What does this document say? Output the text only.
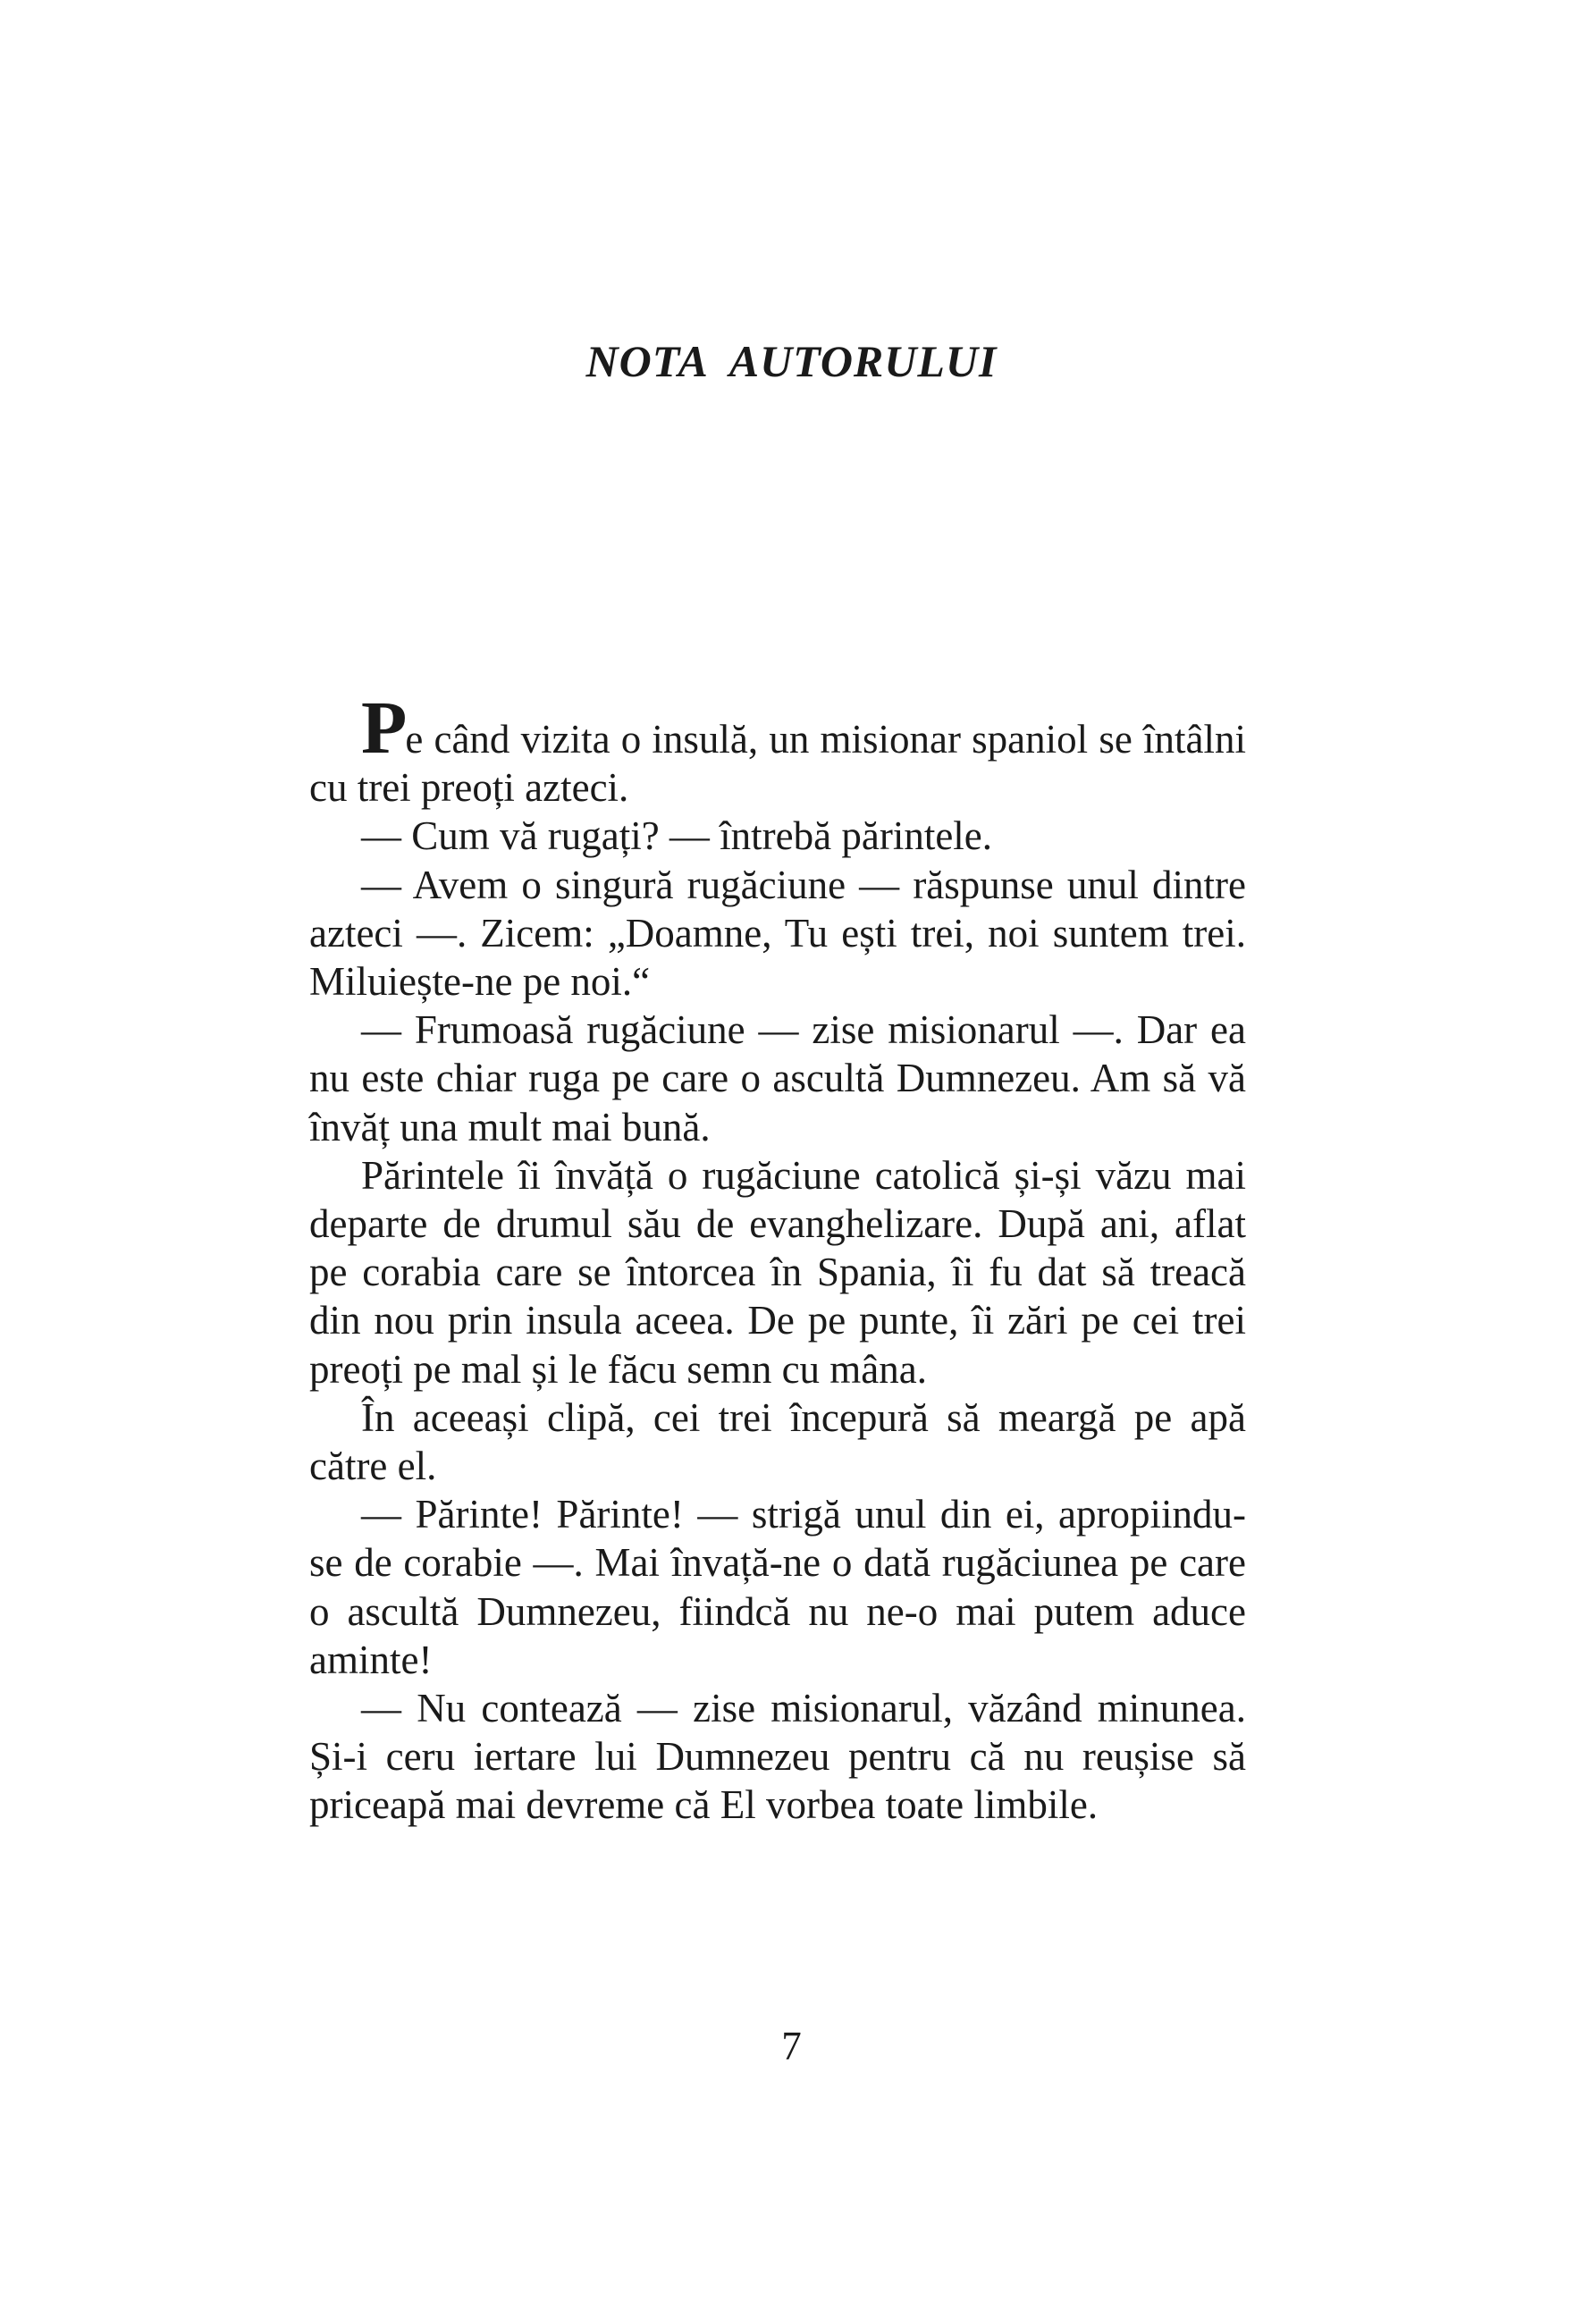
NOTA AUTORULUI

Pe când vizita o insulă, un misionar spaniol se întâlni cu trei preoți azteci.

— Cum vă rugați? — întrebă părintele.

— Avem o singură rugăciune — răspunse unul dintre azteci —. Zicem: „Doamne, Tu ești trei, noi suntem trei. Miluiește-ne pe noi.“

— Frumoasă rugăciune — zise misionarul —. Dar ea nu este chiar ruga pe care o ascultă Dumnezeu. Am să vă învăț una mult mai bună.

Părintele îi învăță o rugăciune catolică și-și văzu mai departe de drumul său de evanghelizare. După ani, aflat pe corabia care se întorcea în Spania, îi fu dat să treacă din nou prin insula aceea. De pe punte, îi zări pe cei trei preoți pe mal și le făcu semn cu mâna.

În aceeași clipă, cei trei începură să meargă pe apă către el.

— Părinte! Părinte! — strigă unul din ei, apropiindu-se de corabie —. Mai învață-ne o dată rugăciunea pe care o ascultă Dumnezeu, fiindcă nu ne-o mai putem aduce aminte!

— Nu contează — zise misionarul, văzând minunea. Și-i ceru iertare lui Dumnezeu pentru că nu reușise să priceapă mai devreme că El vorbea toate limbile.

7
